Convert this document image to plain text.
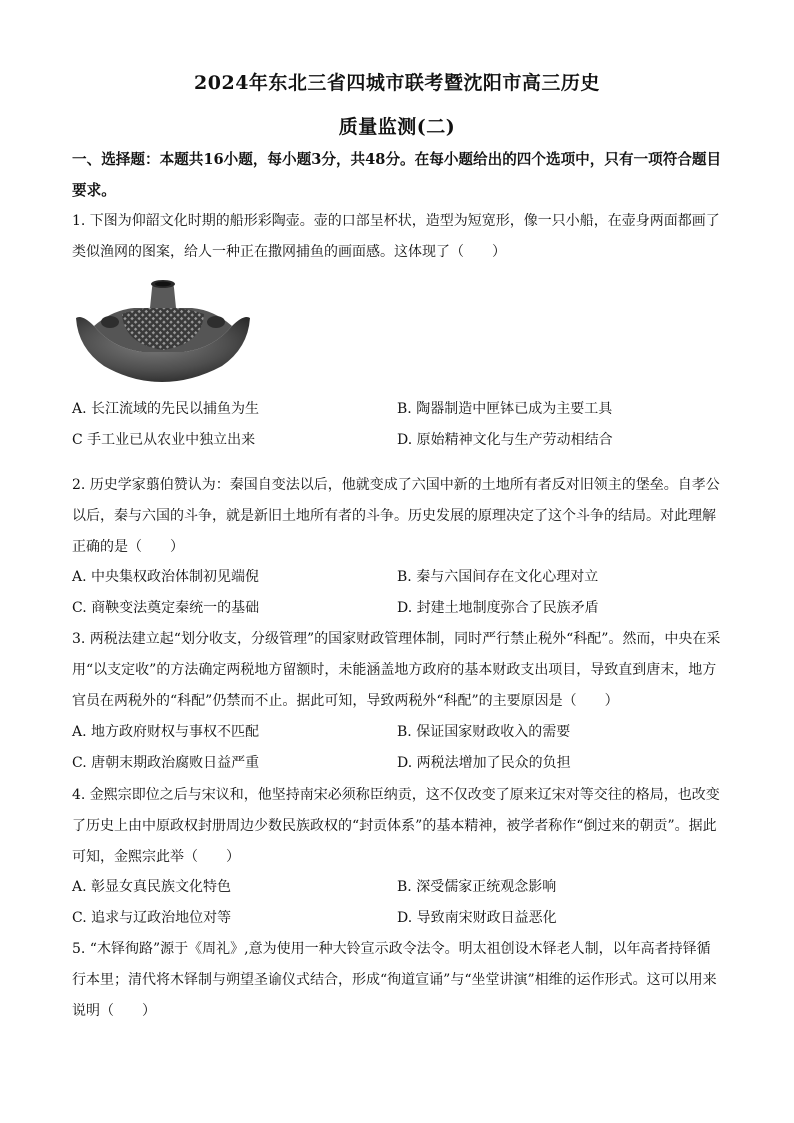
2024年东北三省四城市联考暨沈阳市高三历史
质量监测(二)
一、选择题：本题共16小题，每小题3分，共48分。在每小题给出的四个选项中，只有一项符合题目要求。
1. 下图为仰韶文化时期的船形彩陶壶。壶的口部呈杯状，造型为短宽形，像一只小船，在壶身两面都画了类似渔网的图案，给人一种正在撒网捕鱼的画面感。这体现了（　　）
A. 长江流域的先民以捕鱼为生	B. 陶器制造中匣钵已成为主要工具
C 手工业已从农业中独立出来	D. 原始精神文化与生产劳动相结合
2. 历史学家翦伯赞认为：秦国自变法以后，他就变成了六国中新的土地所有者反对旧领主的堡垒。自孝公以后，秦与六国的斗争，就是新旧土地所有者的斗争。历史发展的原理决定了这个斗争的结局。对此理解正确的是（　　）
A. 中央集权政治体制初见端倪	B. 秦与六国间存在文化心理对立
C. 商鞅变法奠定秦统一的基础	D. 封建土地制度弥合了民族矛盾
3. 两税法建立起“划分收支，分级管理”的国家财政管理体制，同时严行禁止税外“科配”。然而，中央在采用“以支定收”的方法确定两税地方留额时，未能涵盖地方政府的基本财政支出项目，导致直到唐末，地方官员在两税外的“科配”仍禁而不止。据此可知，导致两税外“科配”的主要原因是（　　）
A. 地方政府财权与事权不匹配	B. 保证国家财政收入的需要
C. 唐朝末期政治腐败日益严重	D. 两税法增加了民众的负担
4. 金熙宗即位之后与宋议和，他坚持南宋必须称臣纳贡，这不仅改变了原来辽宋对等交往的格局，也改变了历史上由中原政权封册周边少数民族政权的“封贡体系”的基本精神，被学者称作“倒过来的朝贡”。据此可知，金熙宗此举（　　）
A. 彰显女真民族文化特色	B. 深受儒家正统观念影响
C. 追求与辽政治地位对等	D. 导致南宋财政日益恶化
5. “木铎徇路”源于《周礼》,意为使用一种大铃宣示政令法令。明太祖创设木铎老人制，以年高者持铎循行本里；清代将木铎制与朔望圣谕仪式结合，形成“徇道宣诵”与“坐堂讲演”相维的运作形式。这可以用来说明（　　）
